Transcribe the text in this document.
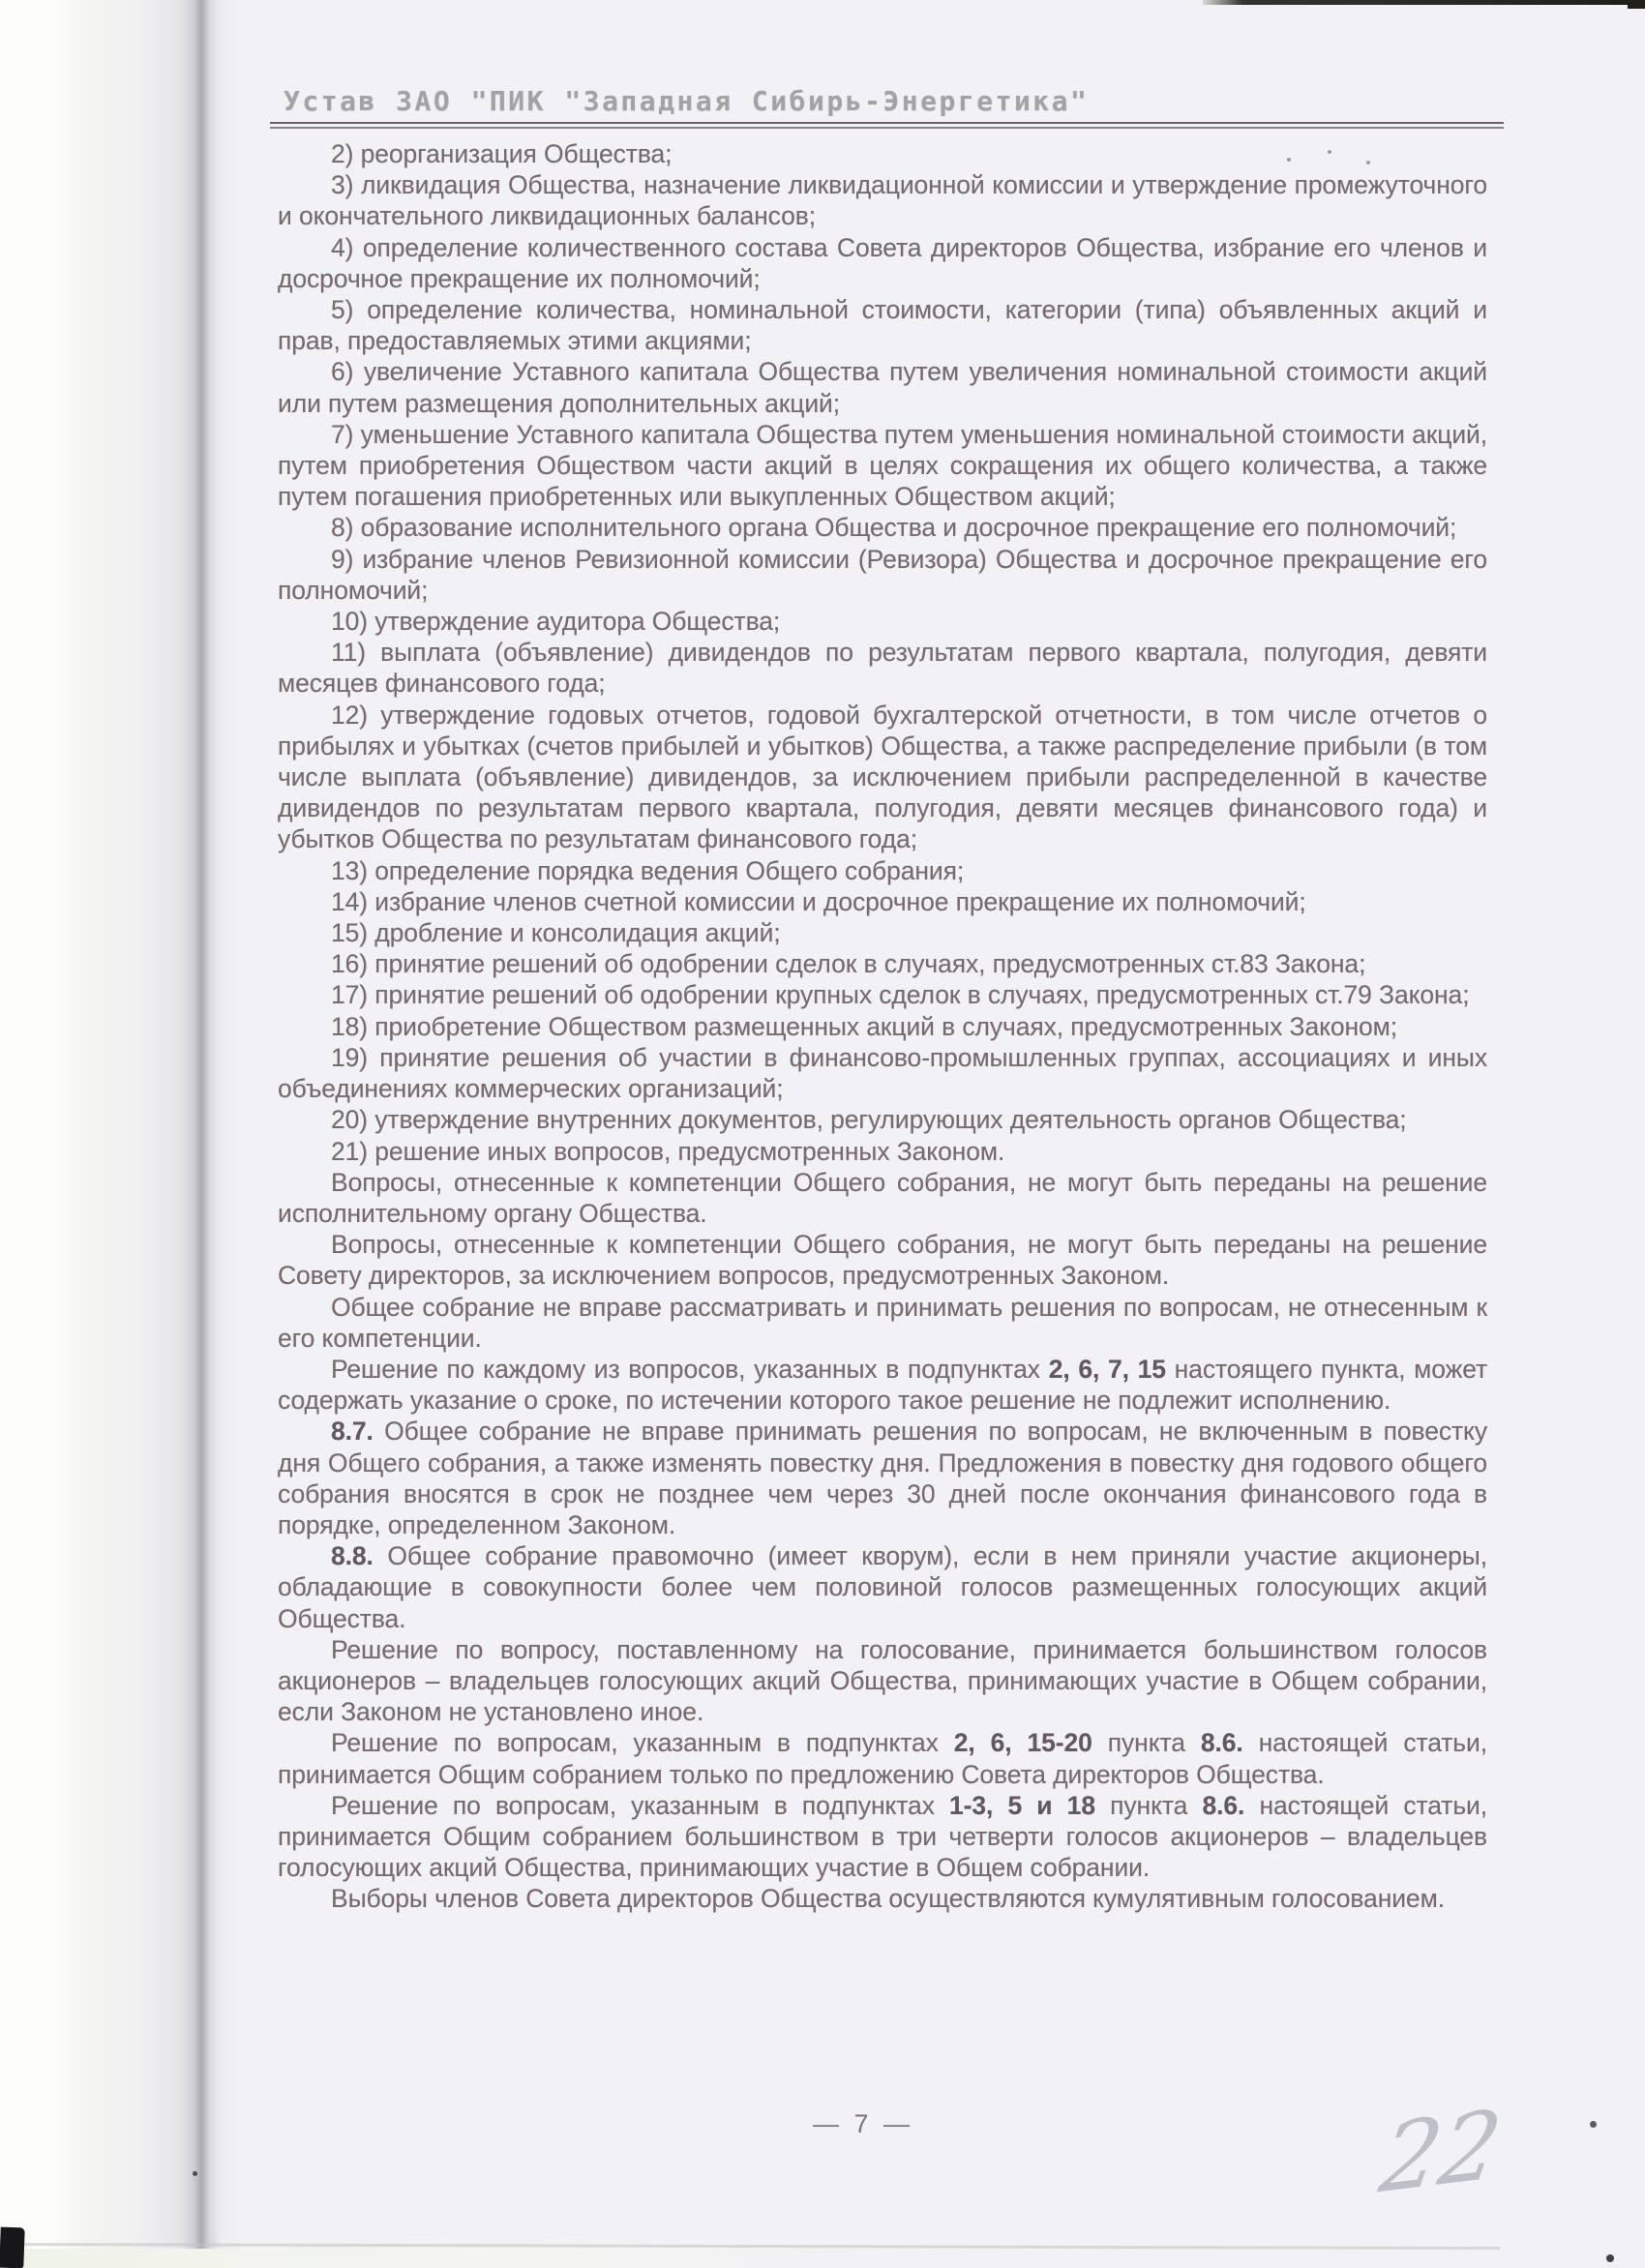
Устав ЗАО "ПИК "Западная Сибирь-Энергетика"

2) реорганизация Общества;

3) ликвидация Общества, назначение ликвидационной комиссии и утверждение промежуточного и окончательного ликвидационных балансов;

4) определение количественного состава Совета директоров Общества, избрание его членов и досрочное прекращение их полномочий;

5) определение количества, номинальной стоимости, категории (типа) объявленных акций и прав, предоставляемых этими акциями;

6) увеличение Уставного капитала Общества путем увеличения номинальной стоимости акций или путем размещения дополнительных акций;

7) уменьшение Уставного капитала Общества путем уменьшения номинальной стоимости акций, путем приобретения Обществом части акций в целях сокращения их общего количества, а также путем погашения приобретенных или выкупленных Обществом акций;

8) образование исполнительного органа Общества и досрочное прекращение его полномочий;

9) избрание членов Ревизионной комиссии (Ревизора) Общества и досрочное прекращение его полномочий;

10) утверждение аудитора Общества;

11) выплата (объявление) дивидендов по результатам первого квартала, полугодия, девяти месяцев финансового года;

12) утверждение годовых отчетов, годовой бухгалтерской отчетности, в том числе отчетов о прибылях и убытках (счетов прибылей и убытков) Общества, а также распределение прибыли (в том числе выплата (объявление) дивидендов, за исключением прибыли распределенной в качестве дивидендов по результатам первого квартала, полугодия, девяти месяцев финансового года) и убытков Общества по результатам финансового года;

13) определение порядка ведения Общего собрания;

14) избрание членов счетной комиссии и досрочное прекращение их полномочий;

15) дробление и консолидация акций;

16) принятие решений об одобрении сделок в случаях, предусмотренных ст.83 Закона;

17) принятие решений об одобрении крупных сделок в случаях, предусмотренных ст.79 Закона;

18) приобретение Обществом размещенных акций в случаях, предусмотренных Законом;

19) принятие решения об участии в финансово-промышленных группах, ассоциациях и иных объединениях коммерческих организаций;

20) утверждение внутренних документов, регулирующих деятельность органов Общества;

21) решение иных вопросов, предусмотренных Законом.

Вопросы, отнесенные к компетенции Общего собрания, не могут быть переданы на решение исполнительному органу Общества.

Вопросы, отнесенные к компетенции Общего собрания, не могут быть переданы на решение Совету директоров, за исключением вопросов, предусмотренных Законом.

Общее собрание не вправе рассматривать и принимать решения по вопросам, не отнесенным к его компетенции.

Решение по каждому из вопросов, указанных в подпунктах 2, 6, 7, 15 настоящего пункта, может содержать указание о сроке, по истечении которого такое решение не подлежит исполнению.

8.7. Общее собрание не вправе принимать решения по вопросам, не включенным в повестку дня Общего собрания, а также изменять повестку дня. Предложения в повестку дня годового общего собрания вносятся в срок не позднее чем через 30 дней после окончания финансового года в порядке, определенном Законом.

8.8. Общее собрание правомочно (имеет кворум), если в нем приняли участие акционеры, обладающие в совокупности более чем половиной голосов размещенных голосующих акций Общества.

Решение по вопросу, поставленному на голосование, принимается большинством голосов акционеров – владельцев голосующих акций Общества, принимающих участие в Общем собрании, если Законом не установлено иное.

Решение по вопросам, указанным в подпунктах 2, 6, 15-20 пункта 8.6. настоящей статьи, принимается Общим собранием только по предложению Совета директоров Общества.

Решение по вопросам, указанным в подпунктах 1-3, 5 и 18 пункта 8.6. настоящей статьи, принимается Общим собранием большинством в три четверти голосов акционеров – владельцев голосующих акций Общества, принимающих участие в Общем собрании.

Выборы членов Совета директоров Общества осуществляются кумулятивным голосованием.

— 7 —	22
